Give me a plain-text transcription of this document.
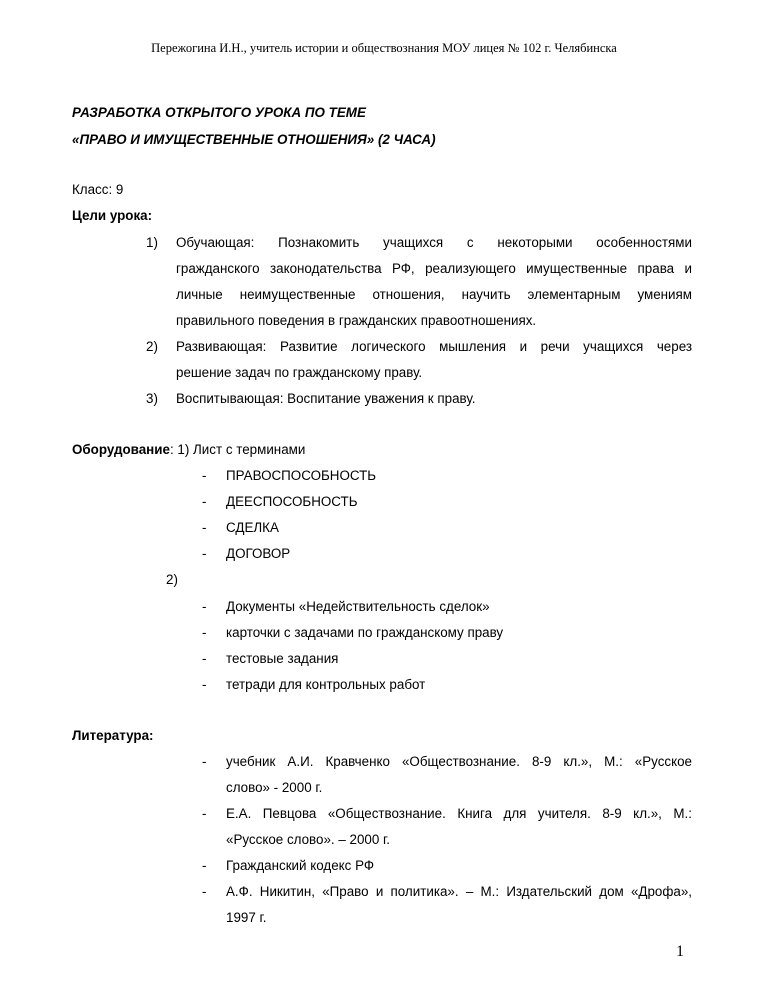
Пережогина И.Н., учитель истории и обществознания МОУ лицея № 102 г. Челябинска
РАЗРАБОТКА ОТКРЫТОГО УРОКА ПО ТЕМЕ
«ПРАВО И ИМУЩЕСТВЕННЫЕ ОТНОШЕНИЯ» (2 ЧАСА)
Класс: 9
Цели урока:
1) Обучающая: Познакомить учащихся с некоторыми особенностями
гражданского законодательства РФ, реализующего имущественные права и
личные неимущественные отношения, научить элементарным умениям
правильного поведения в гражданских правоотношениях.
2) Развивающая: Развитие логического мышления и речи учащихся через
решение задач по гражданскому праву.
3) Воспитывающая: Воспитание уважения к праву.
Оборудование: 1) Лист с терминами
- ПРАВОСПОСОБНОСТЬ
- ДЕЕСПОСОБНОСТЬ
- СДЕЛКА
- ДОГОВОР
2)
- Документы «Недействительность сделок»
- карточки с задачами по гражданскому праву
- тестовые задания
- тетради для контрольных работ
Литература:
- учебник А.И. Кравченко «Обществознание. 8-9 кл.», М.: «Русское
слово» - 2000 г.
- Е.А. Певцова «Обществознание. Книга для учителя. 8-9 кл.», М.:
«Русское слово». – 2000 г.
- Гражданский кодекс РФ
- А.Ф. Никитин, «Право и политика». – М.: Издательский дом «Дрофа»,
1997 г.
1
